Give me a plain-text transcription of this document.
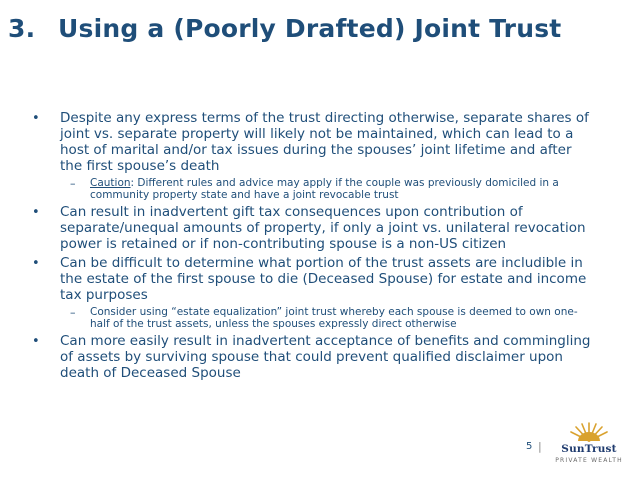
3. Using a (Poorly Drafted) Joint Trust
• Despite any express terms of the trust directing otherwise, separate shares of joint vs. separate property will likely not be maintained, which can lead to a host of marital and/or tax issues during the spouses’ joint lifetime and after the first spouse’s death
– Caution: Different rules and advice may apply if the couple was previously domiciled in a community property state and have a joint revocable trust
• Can result in inadvertent gift tax consequences upon contribution of separate/unequal amounts of property, if only a joint vs. unilateral revocation power is retained or if non-contributing spouse is a non-US citizen
• Can be difficult to determine what portion of the trust assets are includible in the estate of the first spouse to die (Deceased Spouse) for estate and income tax purposes
– Consider using “estate equalization” joint trust whereby each spouse is deemed to own one-half of the trust assets, unless the spouses expressly direct otherwise
• Can more easily result in inadvertent acceptance of benefits and commingling of assets by surviving spouse that could prevent qualified disclaimer upon death of Deceased Spouse
5 |	SunTrust
PRIVATE WEALTH
